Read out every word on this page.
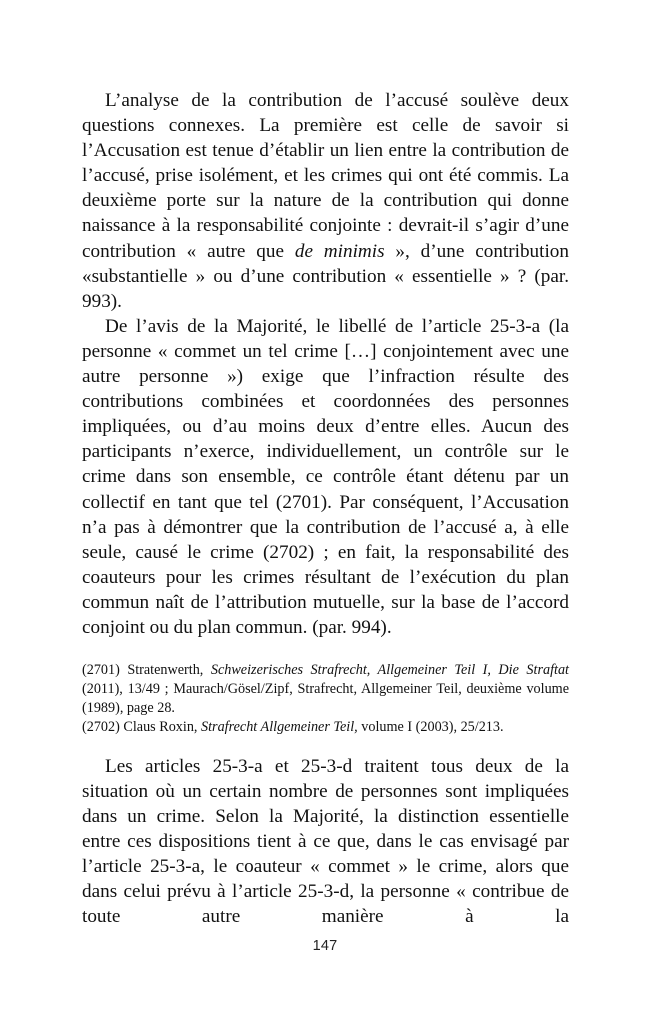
L’analyse de la contribution de l’accusé soulève deux questions connexes. La première est celle de savoir si l’Accusation est tenue d’établir un lien entre la contribution de l’accusé, prise isolément, et les crimes qui ont été commis. La deuxième porte sur la nature de la contribution qui donne naissance à la responsabilité conjointe : devrait-il s’agir d’une contribution « autre que de minimis », d’une contribution «substantielle » ou d’une contribution « essentielle » ? (par. 993).

De l’avis de la Majorité, le libellé de l’article 25-3-a (la personne « commet un tel crime […] conjointement avec une autre personne ») exige que l’infraction résulte des contributions combinées et coordonnées des personnes impliquées, ou d’au moins deux d’entre elles. Aucun des participants n’exerce, individuellement, un contrôle sur le crime dans son ensemble, ce contrôle étant détenu par un collectif en tant que tel (2701). Par conséquent, l’Accusation n’a pas à démontrer que la contribution de l’accusé a, à elle seule, causé le crime (2702) ; en fait, la responsabilité des coauteurs pour les crimes résultant de l’exécution du plan commun naît de l’attribution mutuelle, sur la base de l’accord conjoint ou du plan commun. (par. 994).

(2701) Stratenwerth, Schweizerisches Strafrecht, Allgemeiner Teil I, Die Straftat (2011), 13/49 ; Maurach/Gösel/Zipf, Strafrecht, Allgemeiner Teil, deuxième volume (1989), page 28.

(2702) Claus Roxin, Strafrecht Allgemeiner Teil, volume I (2003), 25/213.

Les articles 25-3-a et 25-3-d traitent tous deux de la situation où un certain nombre de personnes sont impliquées dans un crime. Selon la Majorité, la distinction essentielle entre ces dispositions tient à ce que, dans le cas envisagé par l’article 25-3-a, le coauteur « commet » le crime, alors que dans celui prévu à l’article 25-3-d, la personne « contribue de toute autre manière à la

147
